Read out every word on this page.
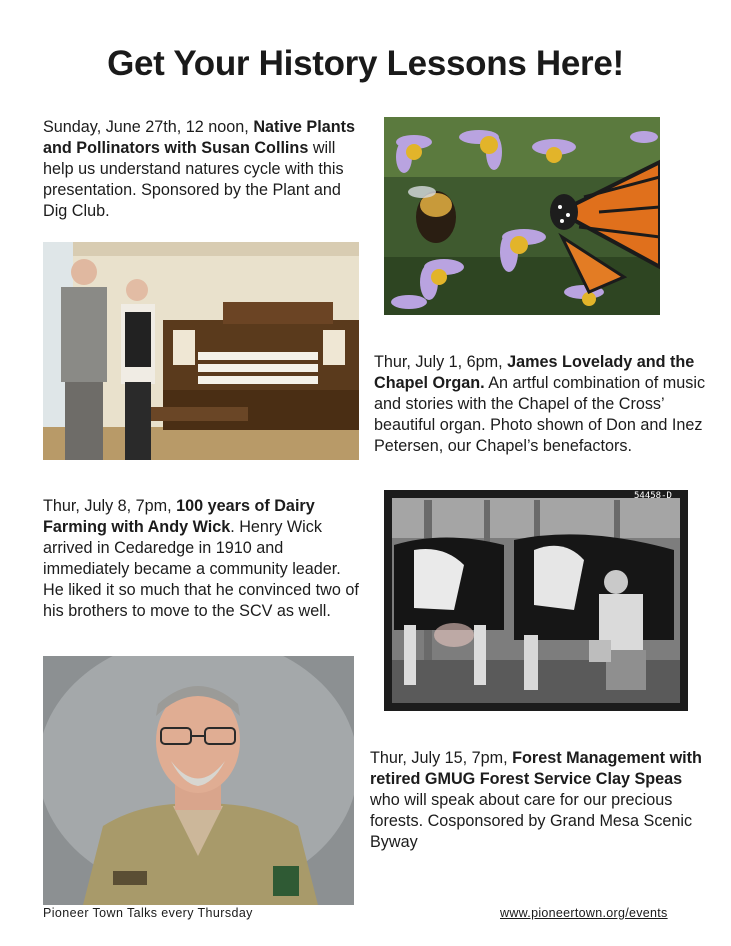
Get Your History Lessons Here!
Sunday, June 27th, 12 noon, Native Plants and Pollinators with Susan Collins will help us understand natures cycle with this presentation. Sponsored by the Plant and Dig Club.
Thur, July 1, 6pm, James Lovelady and the Chapel Organ. An artful combination of music and stories with the Chapel of the Cross’ beautiful organ. Photo shown of Don and Inez Petersen, our Chapel’s benefactors.
Thur, July 8, 7pm, 100 years of Dairy Farming with Andy Wick. Henry Wick arrived in Cedaredge in 1910 and immediately became a community leader. He liked it so much that he convinced two of his brothers to move to the SCV as well.
54458-D
Thur, July 15, 7pm, Forest Management with retired GMUG Forest Service Clay Speas who will speak about care for our precious forests. Cosponsored by Grand Mesa Scenic Byway
Pioneer Town Talks every Thursday	www.pioneertown.org/events
